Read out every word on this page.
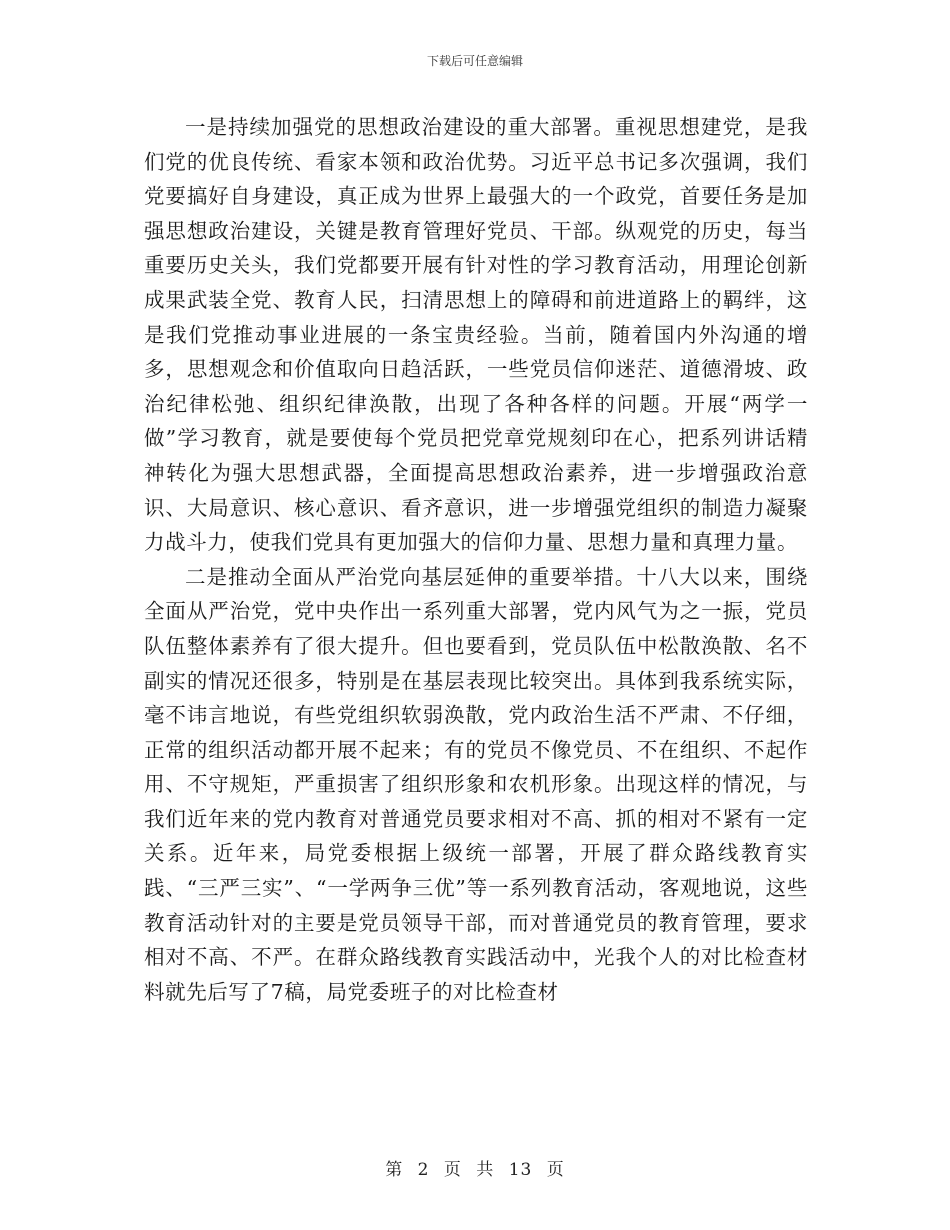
下载后可任意编辑

一是持续加强党的思想政治建设的重大部署。重视思想建党，是我们党的优良传统、看家本领和政治优势。习近平总书记多次强调，我们党要搞好自身建设，真正成为世界上最强大的一个政党，首要任务是加强思想政治建设，关键是教育管理好党员、干部。纵观党的历史，每当重要历史关头，我们党都要开展有针对性的学习教育活动，用理论创新成果武装全党、教育人民，扫清思想上的障碍和前进道路上的羁绊，这是我们党推动事业进展的一条宝贵经验。当前，随着国内外沟通的增多，思想观念和价值取向日趋活跃，一些党员信仰迷茫、道德滑坡、政治纪律松弛、组织纪律涣散，出现了各种各样的问题。开展“两学一做”学习教育，就是要使每个党员把党章党规刻印在心，把系列讲话精神转化为强大思想武器，全面提高思想政治素养，进一步增强政治意识、大局意识、核心意识、看齐意识，进一步增强党组织的制造力凝聚力战斗力，使我们党具有更加强大的信仰力量、思想力量和真理力量。

二是推动全面从严治党向基层延伸的重要举措。十八大以来，围绕全面从严治党，党中央作出一系列重大部署，党内风气为之一振，党员队伍整体素养有了很大提升。但也要看到，党员队伍中松散涣散、名不副实的情况还很多，特别是在基层表现比较突出。具体到我系统实际，毫不讳言地说，有些党组织软弱涣散，党内政治生活不严肃、不仔细，正常的组织活动都开展不起来；有的党员不像党员、不在组织、不起作用、不守规矩，严重损害了组织形象和农机形象。出现这样的情况，与我们近年来的党内教育对普通党员要求相对不高、抓的相对不紧有一定关系。近年来，局党委根据上级统一部署，开展了群众路线教育实践、“三严三实”、“一学两争三优”等一系列教育活动，客观地说，这些教育活动针对的主要是党员领导干部，而对普通党员的教育管理，要求相对不高、不严。在群众路线教育实践活动中，光我个人的对比检查材料就先后写了7稿，局党委班子的对比检查材

第 2 页 共 13 页
